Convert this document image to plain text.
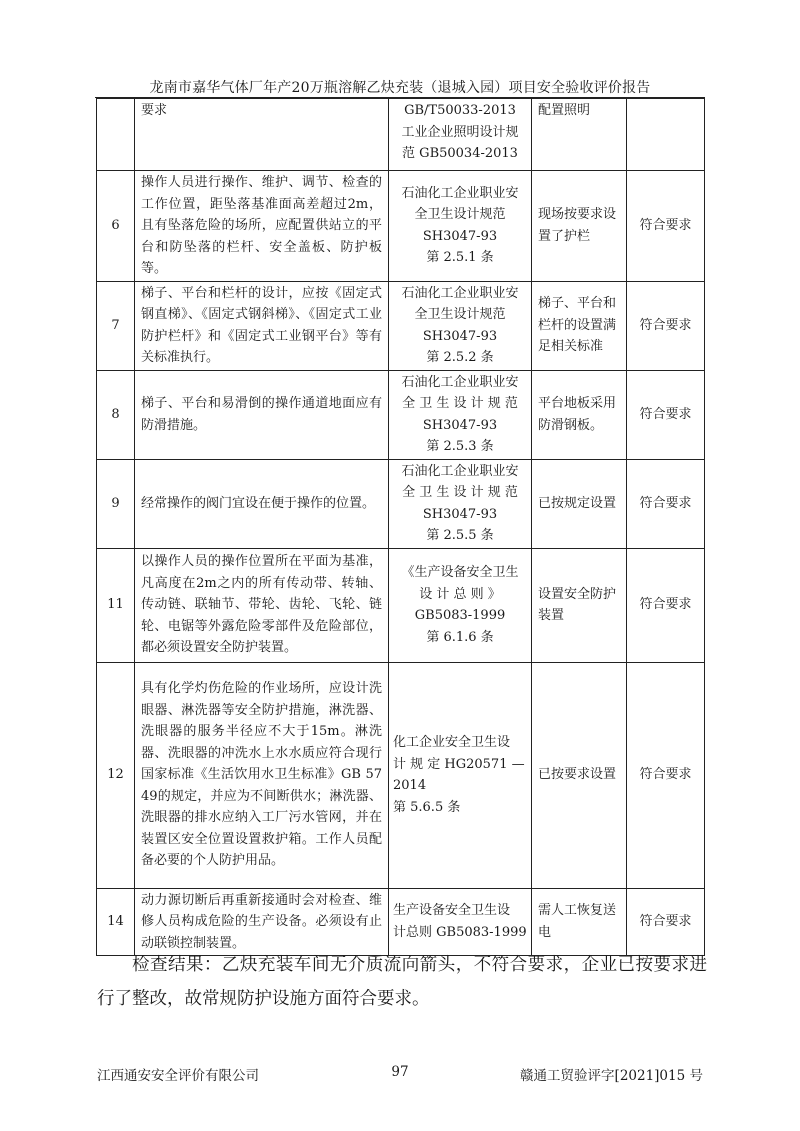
龙南市嘉华气体厂年产20万瓶溶解乙炔充装（退城入园）项目安全验收评价报告
	要求	GB/T50033-2013
工业企业照明设计规
范 GB50034-2013	配置照明	
6	操作人员进行操作、维护、调节、检查的工作位置，距坠落基准面高差超过2m，且有坠落危险的场所，应配置供站立的平台和防坠落的栏杆、安全盖板、防护板等。	石油化工企业职业安
全卫生设计规范
SH3047-93
第 2.5.1 条	现场按要求设置了护栏	符合要求
7	梯子、平台和栏杆的设计，应按《固定式钢直梯》、《固定式钢斜梯》、《固定式工业防护栏杆》和《固定式工业钢平台》等有关标准执行。	石油化工企业职业安
全卫生设计规范
SH3047-93
第 2.5.2 条	梯子、平台和栏杆的设置满足相关标准	符合要求
8	梯子、平台和易滑倒的操作通道地面应有防滑措施。	石油化工企业职业安
全 卫 生 设 计 规 范
SH3047-93
第 2.5.3 条	平台地板采用防滑钢板。	符合要求
9	经常操作的阀门宜设在便于操作的位置。	石油化工企业职业安
全 卫 生 设 计 规 范
SH3047-93
第 2.5.5 条	已按规定设置	符合要求
11	以操作人员的操作位置所在平面为基准，凡高度在2m之内的所有传动带、转轴、传动链、联轴节、带轮、齿轮、飞轮、链轮、电锯等外露危险零部件及危险部位，都必须设置安全防护装置。	《生产设备安全卫生
设 计 总 则 》
GB5083-1999
第 6.1.6 条	设置安全防护装置	符合要求
12	具有化学灼伤危险的作业场所，应设计洗眼器、淋洗器等安全防护措施，淋洗器、洗眼器的服务半径应不大于15m。淋洗器、洗眼器的冲洗水上水水质应符合现行国家标准《生活饮用水卫生标准》GB 5749的规定，并应为不间断供水；淋洗器、洗眼器的排水应纳入工厂污水管网，并在装置区安全位置设置救护箱。工作人员配备必要的个人防护用品。	化工企业安全卫生设
计 规 定 HG20571 —
2014
第 5.6.5 条	已按要求设置	符合要求
14	动力源切断后再重新接通时会对检查、维修人员构成危险的生产设备。必须设有止动联锁控制装置。	生产设备安全卫生设
计总则 GB5083-1999	需人工恢复送电	符合要求
检查结果：乙炔充装车间无介质流向箭头，不符合要求，企业已按要求进行了整改，故常规防护设施方面符合要求。
江西通安安全评价有限公司	97	赣通工贸验评字[2021]015 号
